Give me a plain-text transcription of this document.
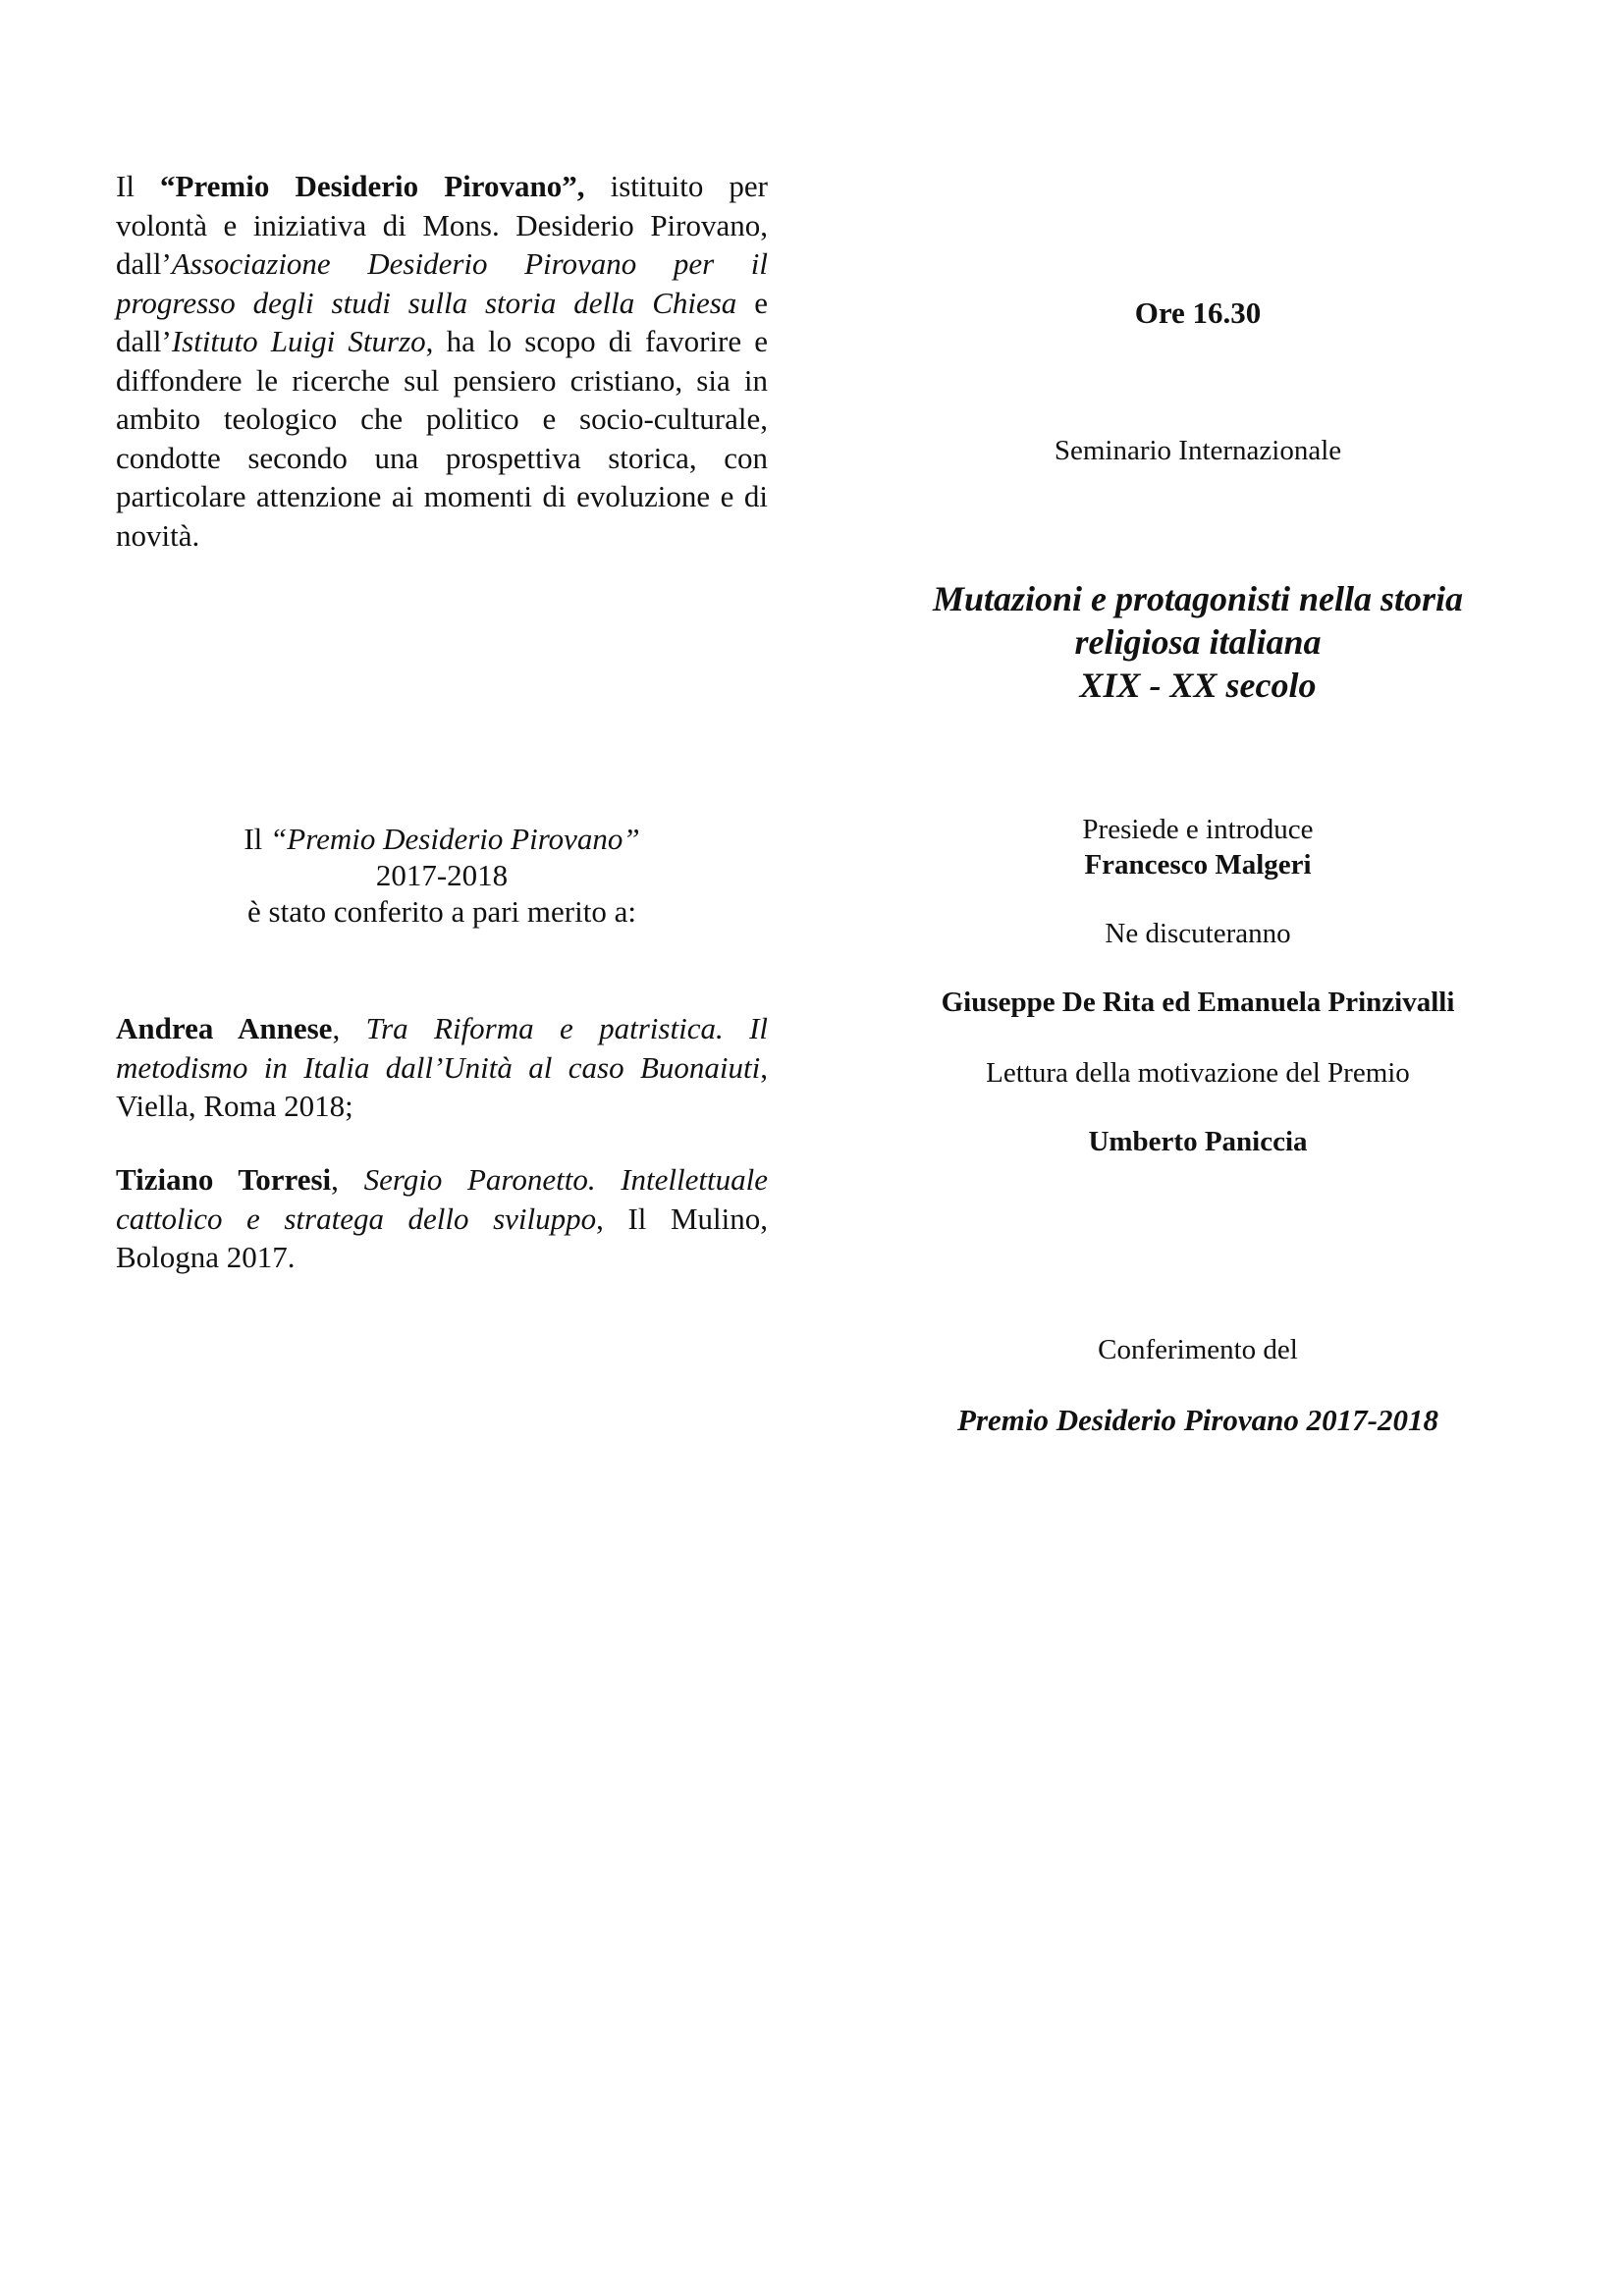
Il “Premio Desiderio Pirovano”, istituito per volontà e iniziativa di Mons. Desiderio Pirovano, dall’Associazione Desiderio Pirovano per il progresso degli studi sulla storia della Chiesa e dall’Istituto Luigi Sturzo, ha lo scopo di favorire e diffondere le ricerche sul pensiero cristiano, sia in ambito teologico che politico e socio-culturale, condotte secondo una prospettiva storica, con particolare attenzione ai momenti di evoluzione e di novità.
Il “Premio Desiderio Pirovano”
2017-2018
è stato conferito a pari merito a:
Andrea Annese, Tra Riforma e patristica. Il metodismo in Italia dall’Unità al caso Buonaiuti, Viella, Roma 2018;
Tiziano Torresi, Sergio Paronetto. Intellettuale cattolico e stratega dello sviluppo, Il Mulino, Bologna 2017.
Ore 16.30
Seminario Internazionale
Mutazioni e protagonisti nella storia
religiosa italiana
XIX - XX secolo
Presiede e introduce
Francesco Malgeri
Ne discuteranno
Giuseppe De Rita ed Emanuela Prinzivalli
Lettura della motivazione del Premio
Umberto Paniccia
Conferimento del
Premio Desiderio Pirovano 2017-2018
